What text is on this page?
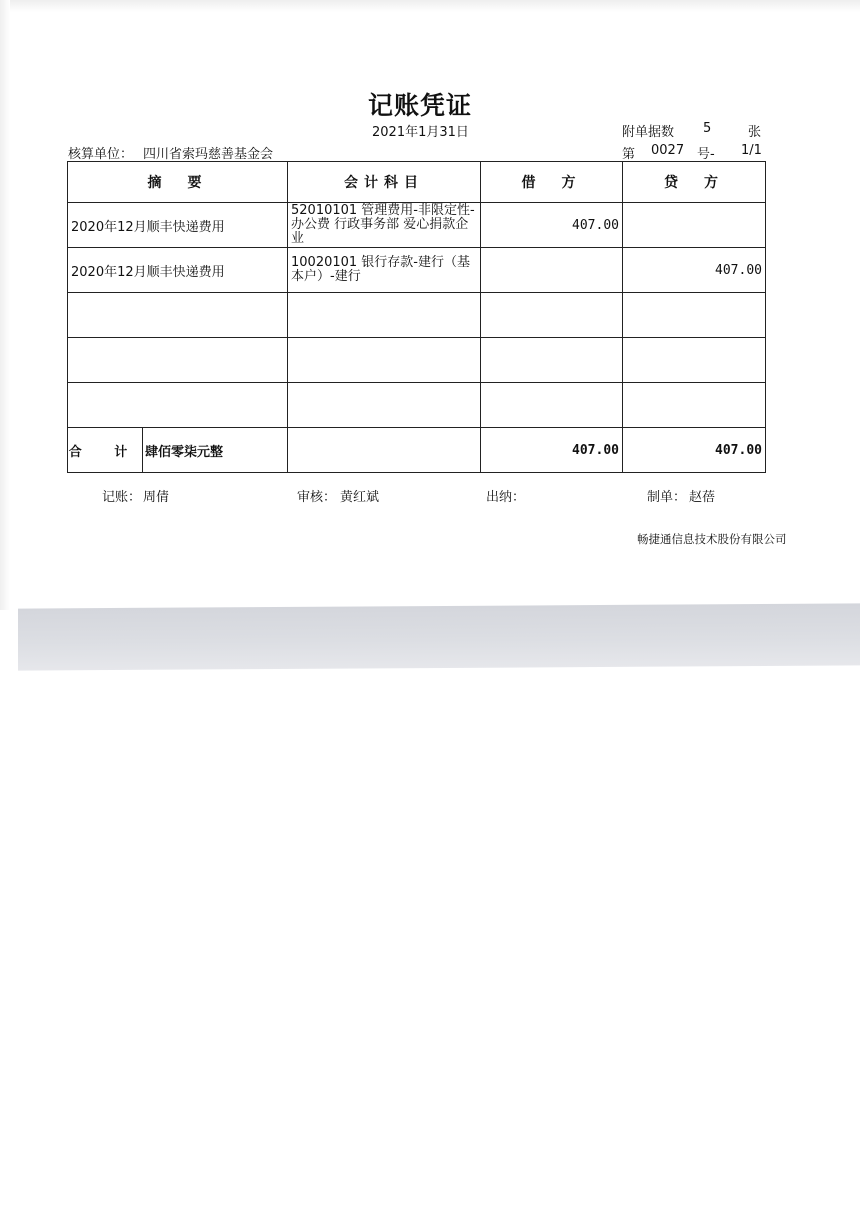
记账凭证
2021年1月31日	附单据数 5	张
核算单位： 四川省索玛慈善基金会	第 0027 号- 1/1
摘　要	会计科目	借　方	贷　方
2020年12月顺丰快递费用	52010101 管理费用-非限定性-办公费 行政事务部 爱心捐款企业	407.00	
2020年12月顺丰快递费用	10020101 银行存款-建行（基本户）-建行		407.00

合 计 肆佰零柒元整		407.00	407.00
记账： 周倩	审核： 黄红斌	出纳：	制单： 赵蓓
畅捷通信息技术股份有限公司
